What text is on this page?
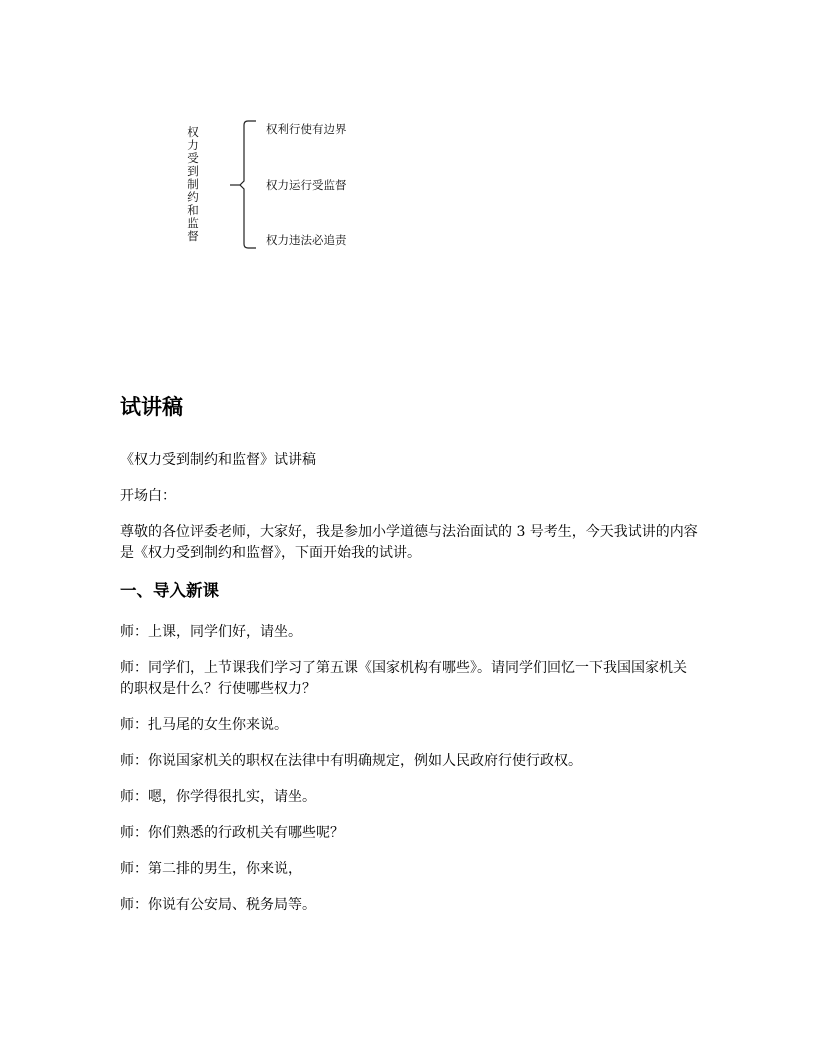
权力受到制约和监督
权利行使有边界
权力运行受监督
权力违法必追责
试讲稿

《权力受到制约和监督》试讲稿

开场白：

尊敬的各位评委老师，大家好，我是参加小学道德与法治面试的 3 号考生，今天我试讲的内容是《权力受到制约和监督》，下面开始我的试讲。

一、导入新课

师：上课，同学们好，请坐。

师：同学们，上节课我们学习了第五课《国家机构有哪些》。请同学们回忆一下我国国家机关的职权是什么？行使哪些权力？

师：扎马尾的女生你来说。

师：你说国家机关的职权在法律中有明确规定，例如人民政府行使行政权。

师：嗯，你学得很扎实，请坐。

师：你们熟悉的行政机关有哪些呢？

师：第二排的男生，你来说，

师：你说有公安局、税务局等。
